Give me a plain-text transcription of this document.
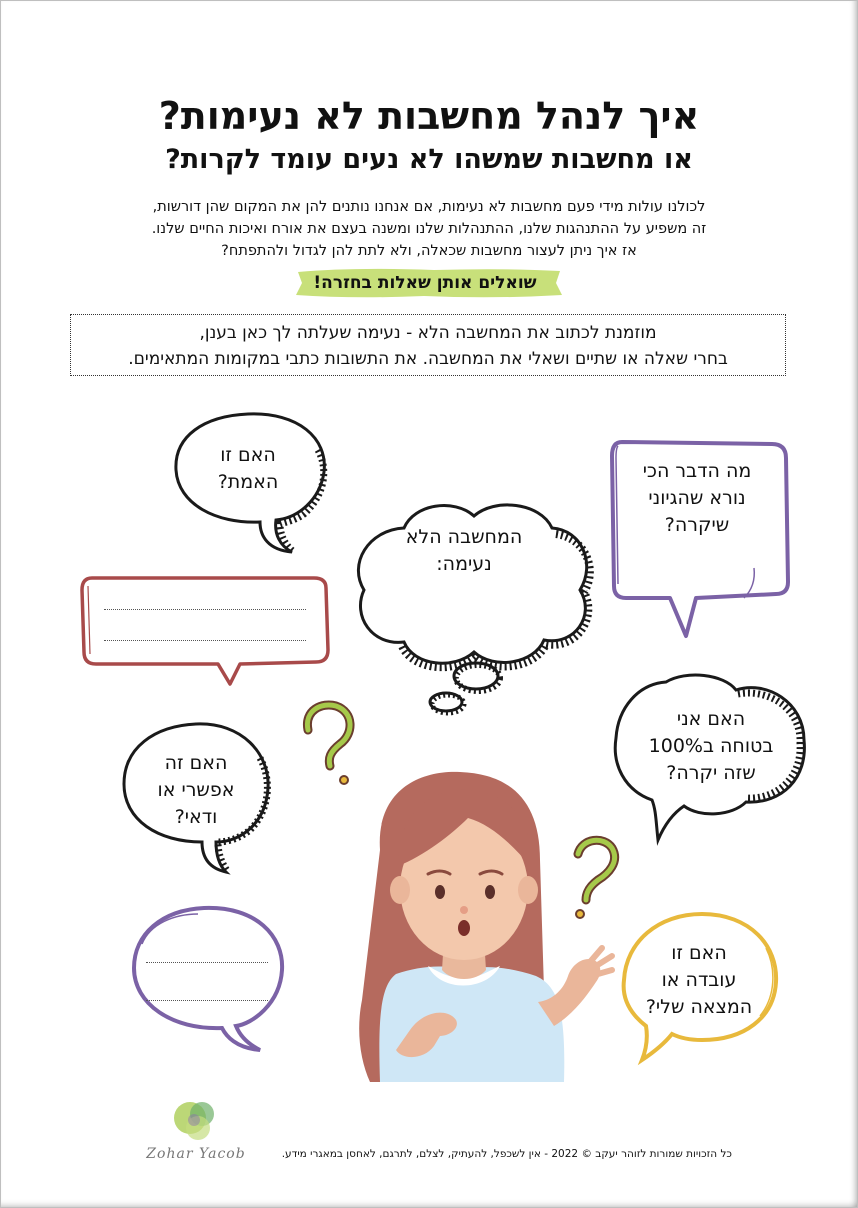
איך לנהל מחשבות לא נעימות?
או מחשבות שמשהו לא נעים עומד לקרות?
לכולנו עולות מידי פעם מחשבות לא נעימות, אם אנחנו נותנים להן את המקום שהן דורשות,
זה משפיע על ההתנהגות שלנו, ההתנהלות שלנו ומשנה בעצם את אורח ואיכות החיים שלנו.
אז איך ניתן לעצור מחשבות שכאלה, ולא לתת להן לגדול ולהתפתח?
שואלים אותן שאלות בחזרה!
מוזמנת לכתוב את המחשבה הלא - נעימה שעלתה לך כאן בענן,
בחרי שאלה או שתיים ושאלי את המחשבה. את התשובות כתבי במקומות המתאימים.
האם זו
האמת?	מה הדבר הכי
נורא שהגיוני
שיקרה?
המחשבה הלא
נעימה:
האם אני
בטוחה ב100%
שזה יקרה?
האם זה
אפשרי או
ודאי?
האם זו
עובדה או
המצאה שלי?
Zohar Yacob	כל הזכויות שמורות לזוהר יעקב © 2022 - אין לשכפל, להעתיק, לצלם, לתרגם, לאחסן במאגרי מידע.
